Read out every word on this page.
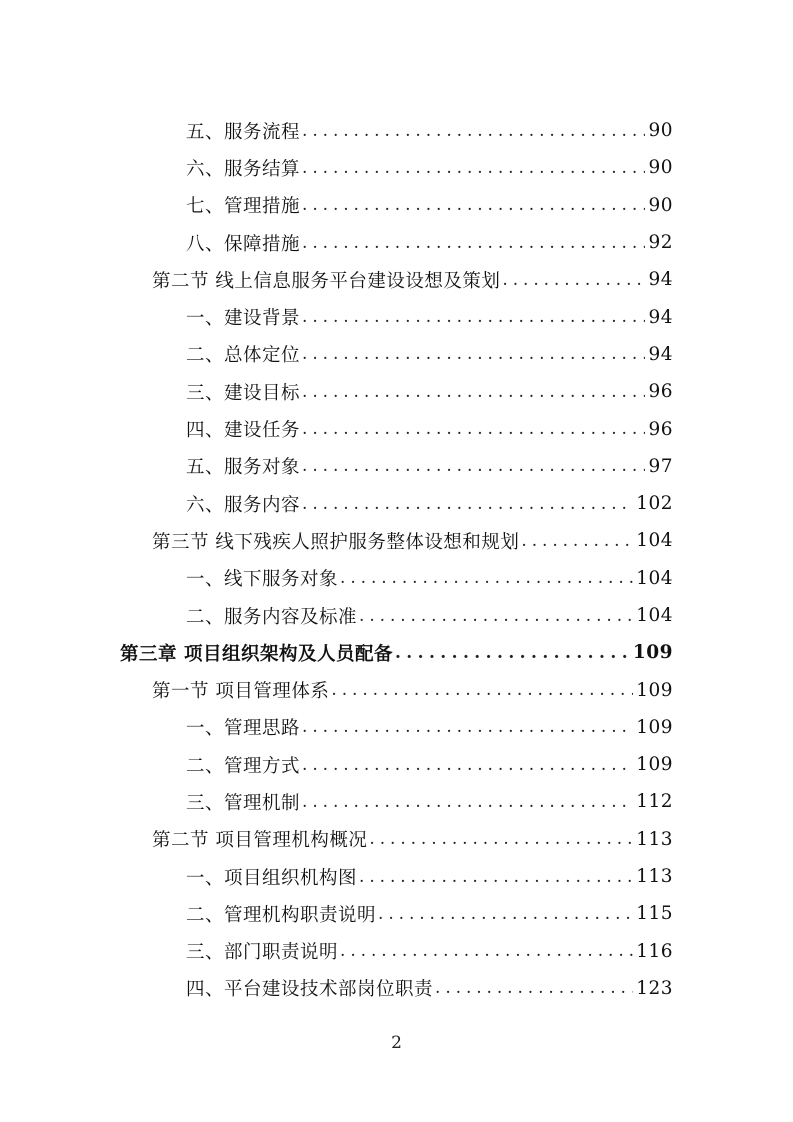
五、服务流程 . . .	90
六、服务结算 . . .	90
七、管理措施 . . .	90
八、保障措施 . . .	92
第二节 线上信息服务平台建设设想及策划 . . .	94
一、建设背景 . . .	94
二、总体定位 . . .	94
三、建设目标 . . .	96
四、建设任务 . . .	96
五、服务对象 . . .	97
六、服务内容 . . .	102
第三节 线下残疾人照护服务整体设想和规划 . . .	104
一、线下服务对象 . . .	104
二、服务内容及标准 . . .	104
第三章 项目组织架构及人员配备 . . .	109
第一节 项目管理体系 . . .	109
一、管理思路 . . .	109
二、管理方式 . . .	109
三、管理机制 . . .	112
第二节 项目管理机构概况 . . .	113
一、项目组织机构图 . . .	113
二、管理机构职责说明 . . .	115
三、部门职责说明 . . .	116
四、平台建设技术部岗位职责 . . .	123
2
